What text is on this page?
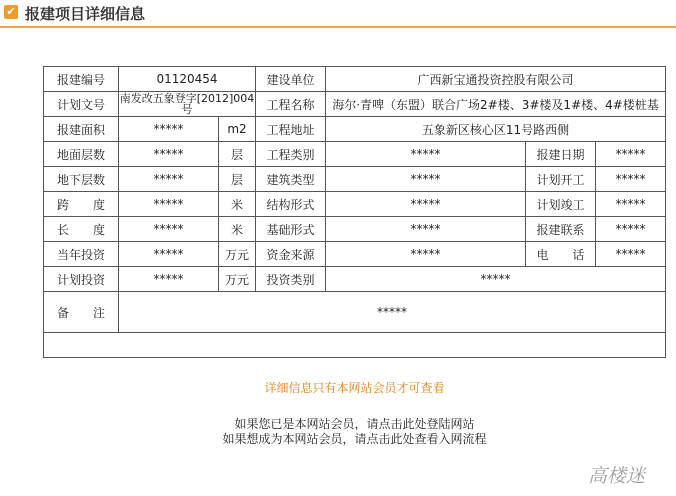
✔ 报建项目详细信息
报建编号	01120454		建设单位	广西新宝通投资控股有限公司		
计划文号	南发改五象登字[2012]004号		工程名称	海尔·青啤（东盟）联合广场2#楼、3#楼及1#楼、4#楼桩基		
报建面积	*****	m2	工程地址	五象新区核心区11号路西侧		
地面层数	*****	层	工程类别	*****	报建日期	*****
地下层数	*****	层	建筑类型	*****	计划开工	*****
跨　　度	*****	米	结构形式	*****	计划竣工	*****
长　　度	*****	米	基础形式	*****	报建联系	*****
当年投资	*****	万元	资金来源	*****	电　　话	*****
计划投资	*****	万元	投资类别	*****		
备　　注	*****					

详细信息只有本网站会员才可查看
如果您已是本网站会员，请点击此处登陆网站
如果想成为本网站会员，请点击此处查看入网流程						
高楼迷
